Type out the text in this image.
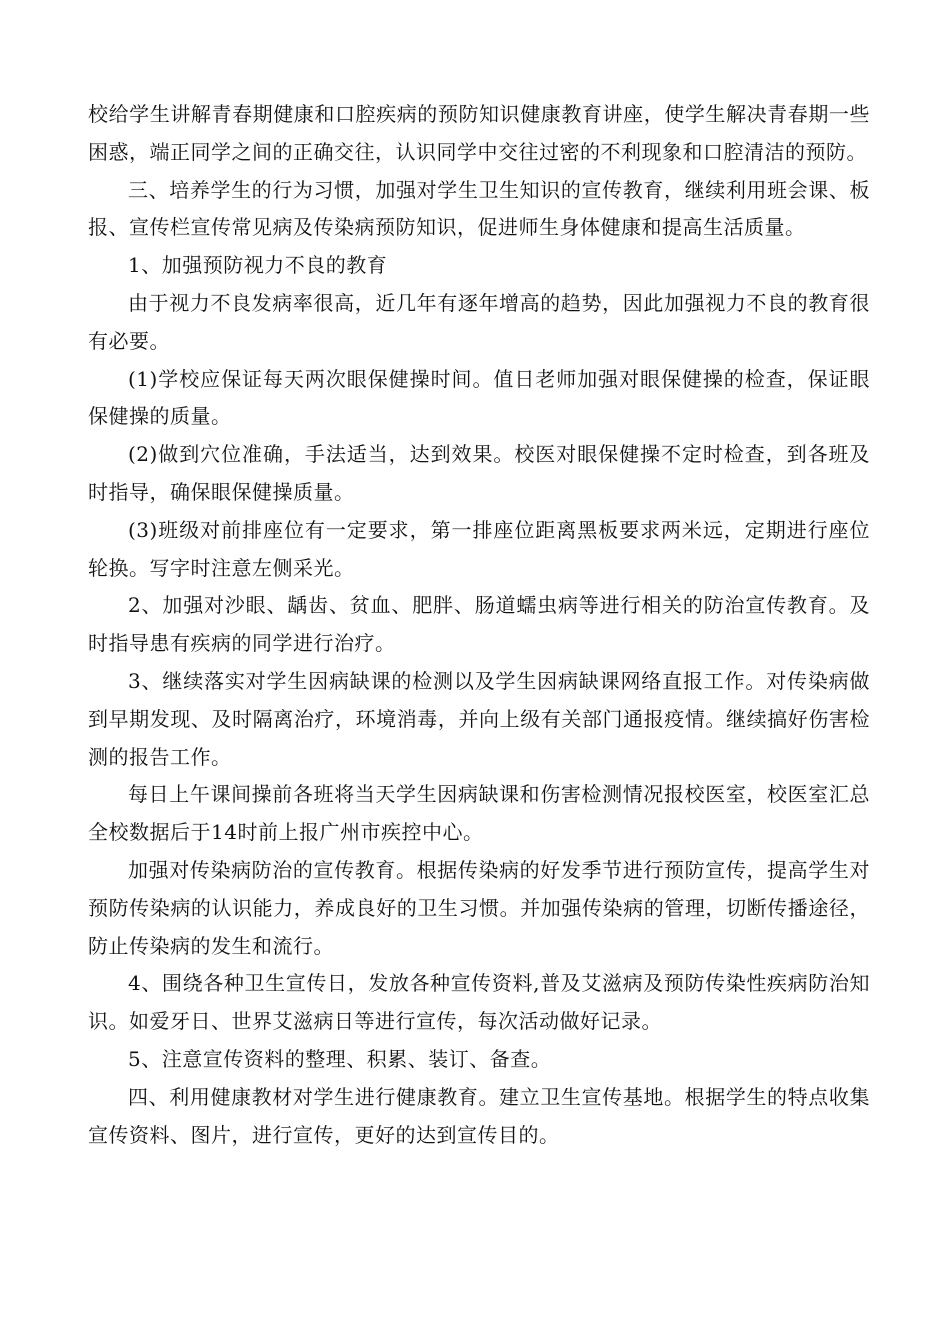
校给学生讲解青春期健康和口腔疾病的预防知识健康教育讲座，使学生解决青春期一些困惑，端正同学之间的正确交往，认识同学中交往过密的不利现象和口腔清洁的预防。

三、培养学生的行为习惯，加强对学生卫生知识的宣传教育，继续利用班会课、板报、宣传栏宣传常见病及传染病预防知识，促进师生身体健康和提高生活质量。

1、加强预防视力不良的教育

由于视力不良发病率很高，近几年有逐年增高的趋势，因此加强视力不良的教育很有必要。

(1)学校应保证每天两次眼保健操时间。值日老师加强对眼保健操的检查，保证眼保健操的质量。

(2)做到穴位准确，手法适当，达到效果。校医对眼保健操不定时检查，到各班及时指导，确保眼保健操质量。

(3)班级对前排座位有一定要求，第一排座位距离黑板要求两米远，定期进行座位轮换。写字时注意左侧采光。

2、加强对沙眼、龋齿、贫血、肥胖、肠道蠕虫病等进行相关的防治宣传教育。及时指导患有疾病的同学进行治疗。

3、继续落实对学生因病缺课的检测以及学生因病缺课网络直报工作。对传染病做到早期发现、及时隔离治疗，环境消毒，并向上级有关部门通报疫情。继续搞好伤害检测的报告工作。

每日上午课间操前各班将当天学生因病缺课和伤害检测情况报校医室，校医室汇总全校数据后于14时前上报广州市疾控中心。

加强对传染病防治的宣传教育。根据传染病的好发季节进行预防宣传，提高学生对预防传染病的认识能力，养成良好的卫生习惯。并加强传染病的管理，切断传播途径，防止传染病的发生和流行。

4、围绕各种卫生宣传日，发放各种宣传资料,普及艾滋病及预防传染性疾病防治知识。如爱牙日、世界艾滋病日等进行宣传，每次活动做好记录。

5、注意宣传资料的整理、积累、装订、备查。

四、利用健康教材对学生进行健康教育。建立卫生宣传基地。根据学生的特点收集宣传资料、图片，进行宣传，更好的达到宣传目的。
